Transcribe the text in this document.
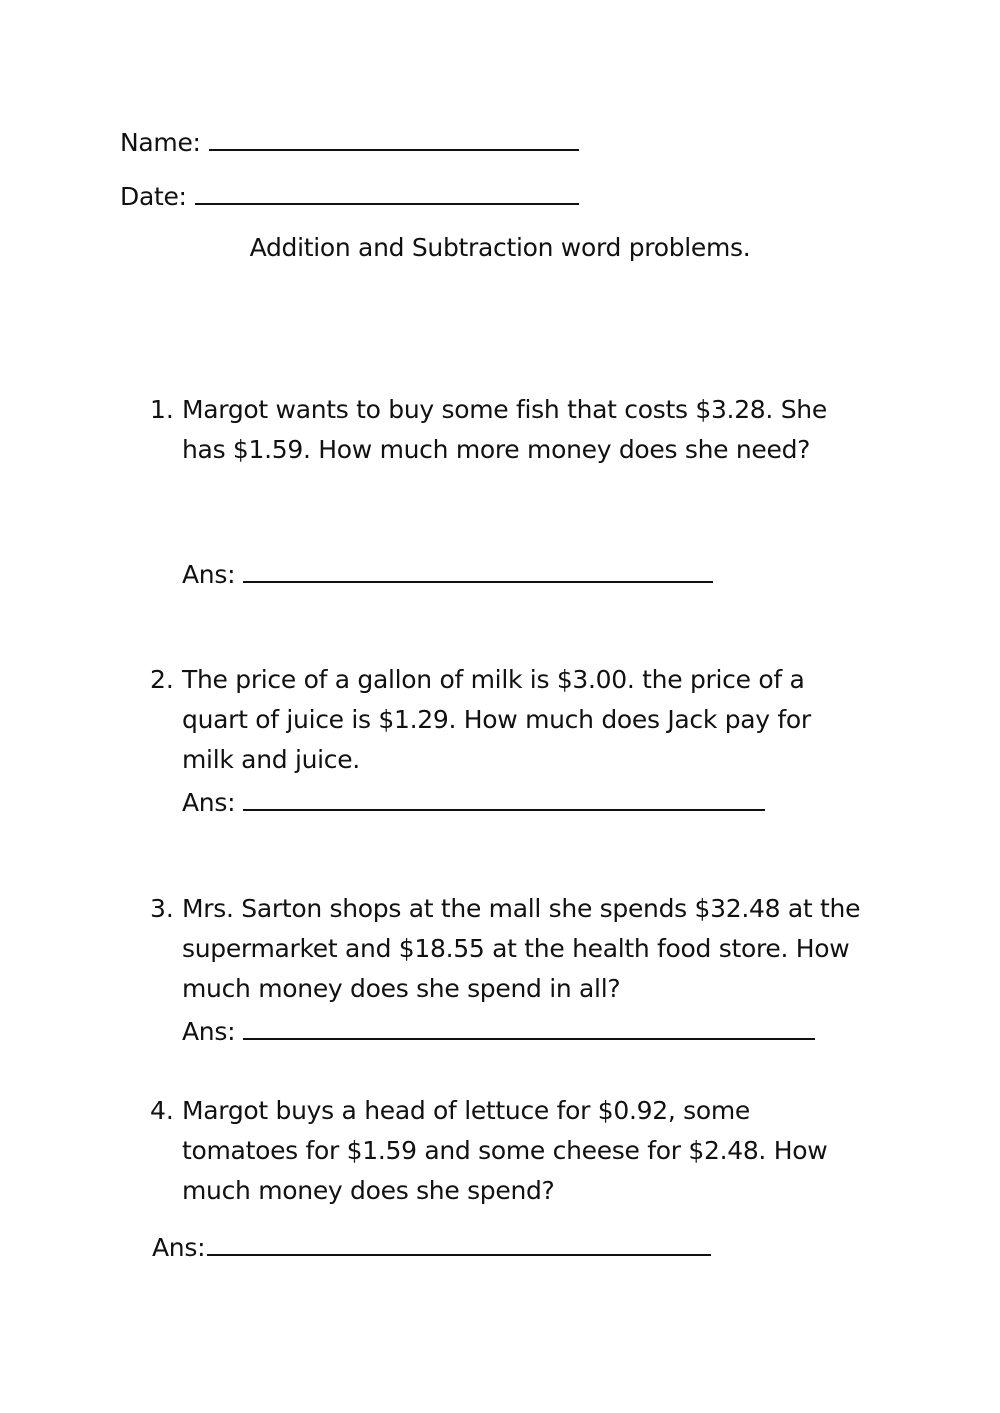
Name:
Date:
Addition and Subtraction word problems.
1. Margot wants to buy some fish that costs $3.28. She has $1.59. How much more money does she need?
Ans:
2. The price of a gallon of milk is $3.00. the price of a quart of juice is $1.29. How much does Jack pay for milk and juice.
Ans:
3. Mrs. Sarton shops at the mall she spends $32.48 at the supermarket and $18.55 at the health food store. How much money does she spend in all?
Ans:
4. Margot buys a head of lettuce for $0.92, some tomatoes for $1.59 and some cheese for $2.48. How much money does she spend?
Ans:
